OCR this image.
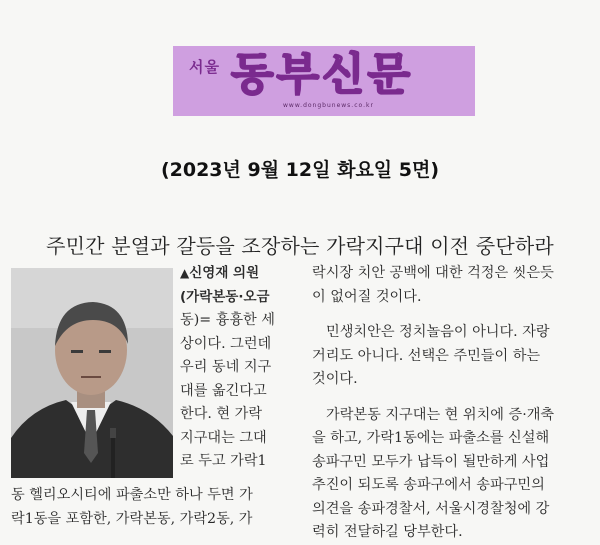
서울 동부신문
www.dongbunews.co.kr
(2023년 9월 12일 화요일 5면)
주민간 분열과 갈등을 조장하는 가락지구대 이전 중단하라
▲신영재 의원
(가락본동·오금
동)= 흉흉한 세
상이다. 그런데
우리 동네 지구
대를 옮긴다고
한다. 현 가락
지구대는 그대
로 두고 가락1
동 헬리오시티에 파출소만 하나 두면 가
락1동을 포함한, 가락본동, 가락2동, 가
락시장 치안 공백에 대한 걱정은 씻은듯
이 없어질 것이다.
민생치안은 정치놀음이 아니다. 자랑
거리도 아니다. 선택은 주민들이 하는
것이다.
가락본동 지구대는 현 위치에 증·개축
을 하고, 가락1동에는 파출소를 신설해
송파구민 모두가 납득이 될만하게 사업
추진이 되도록 송파구에서 송파구민의
의견을 송파경찰서, 서울시경찰청에 강
력히 전달하길 당부한다.
